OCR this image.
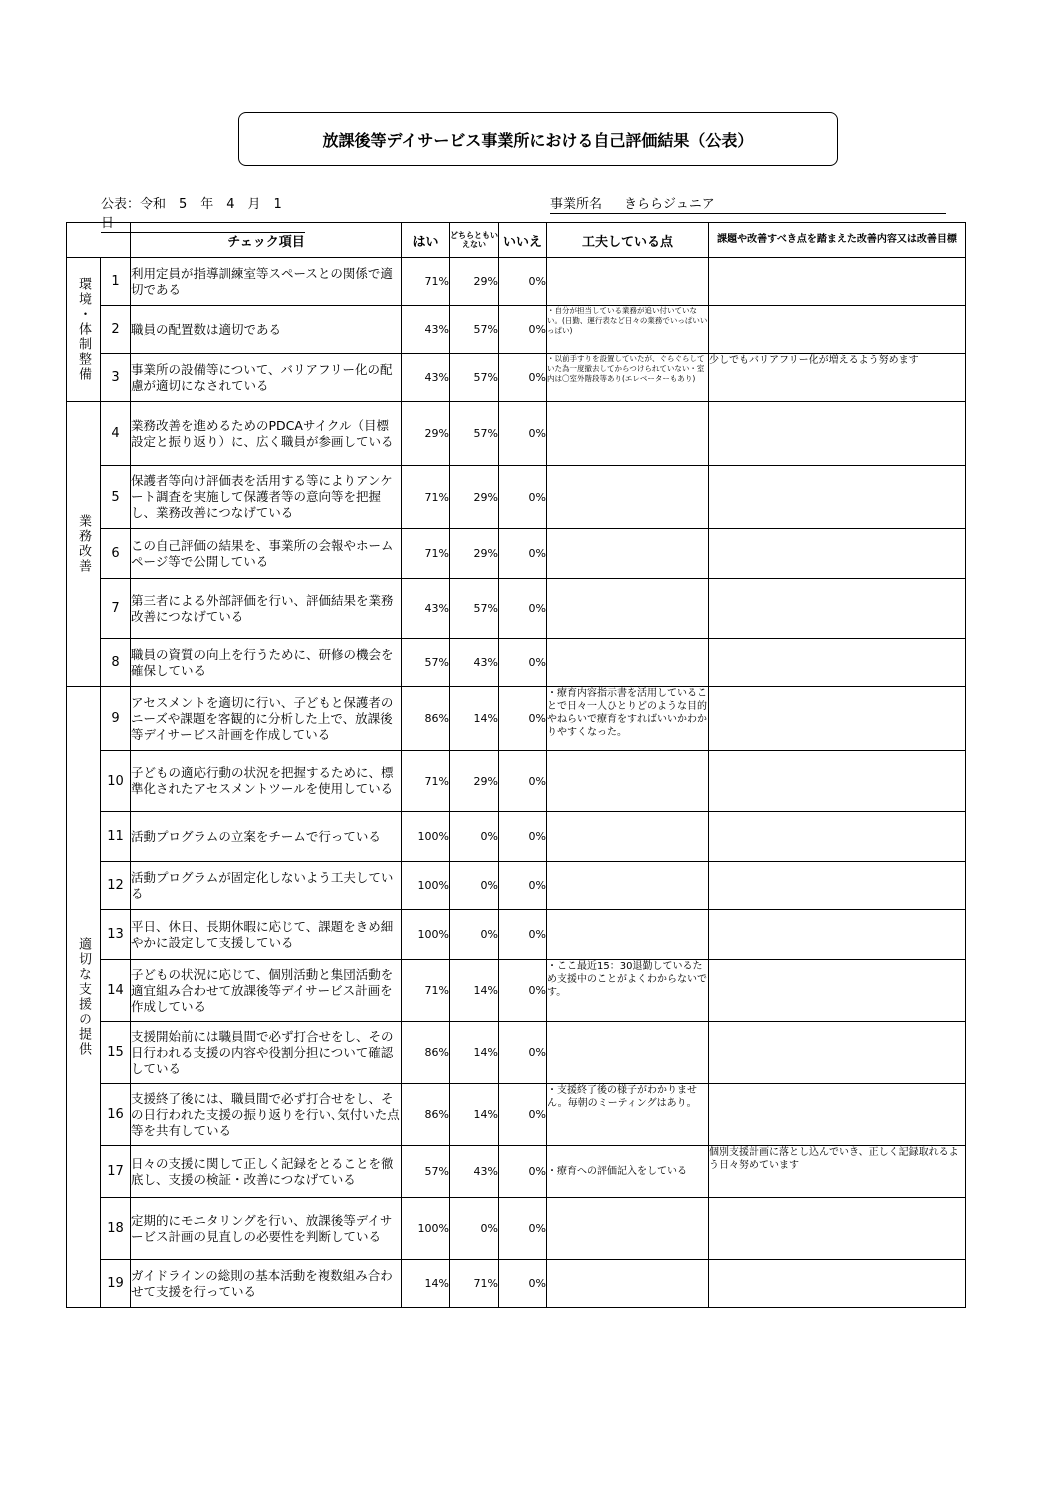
放課後等デイサービス事業所における自己評価結果（公表）
公表：令和　5　年　4　月　1　日
事業所名 きららジュニア
		チェック項目	はい	どちらともいえない	いいえ	工夫している点	課題や改善すべき点を踏まえた改善内容又は改善目標
環境・体制整備	1	利用定員が指導訓練室等スペースとの関係で適切である	71%	29%	0%		
	2	職員の配置数は適切である	43%	57%	0%	・自分が担当している業務が追い付いていない。(日勤、運行表など日々の業務でいっぱいいっぱい)	
	3	事業所の設備等について、バリアフリー化の配慮が適切になされている	43%	57%	0%	・以前手すりを設置していたが、ぐらぐらしていた為一度撤去してからつけられていない・室内は〇室外階段等あり(エレベーターもあり)	少しでもバリアフリー化が増えるよう努めます
業務改善	4	業務改善を進めるためのPDCAサイクル（目標設定と振り返り）に、広く職員が参画している	29%	57%	0%		
	5	保護者等向け評価表を活用する等によりアンケート調査を実施して保護者等の意向等を把握し、業務改善につなげている	71%	29%	0%		
	6	この自己評価の結果を、事業所の会報やホームページ等で公開している	71%	29%	0%		
	7	第三者による外部評価を行い、評価結果を業務改善につなげている	43%	57%	0%		
	8	職員の資質の向上を行うために、研修の機会を確保している	57%	43%	0%		
適切な支援の提供	9	アセスメントを適切に行い、子どもと保護者のニーズや課題を客観的に分析した上で、放課後等デイサービス計画を作成している	86%	14%	0%	・療育内容指示書を活用していることで日々一人ひとりどのような目的やねらいで療育をすればいいかわかりやすくなった。	
	10	子どもの適応行動の状況を把握するために、標準化されたアセスメントツールを使用している	71%	29%	0%		
	11	活動プログラムの立案をチームで行っている	100%	0%	0%		
	12	活動プログラムが固定化しないよう工夫している	100%	0%	0%		
	13	平日、休日、長期休暇に応じて、課題をきめ細やかに設定して支援している	100%	0%	0%		
	14	子どもの状況に応じて、個別活動と集団活動を適宜組み合わせて放課後等デイサービス計画を作成している	71%	14%	0%	・ここ最近15：30退勤しているため支援中のことがよくわからないです。	
	15	支援開始前には職員間で必ず打合せをし、その日行われる支援の内容や役割分担について確認している	86%	14%	0%		
	16	支援終了後には、職員間で必ず打合せをし、その日行われた支援の振り返りを行い､気付いた点等を共有している	86%	14%	0%	・支援終了後の様子がわかりません。毎朝のミーティングはあり。	
	17	日々の支援に関して正しく記録をとることを徹底し、支援の検証・改善につなげている	57%	43%	0%	・療育への評価記入をしている	個別支援計画に落とし込んでいき、正しく記録取れるよう日々努めています
	18	定期的にモニタリングを行い、放課後等デイサービス計画の見直しの必要性を判断している	100%	0%	0%		
	19	ガイドラインの総則の基本活動を複数組み合わせて支援を行っている	14%	71%	0%		
